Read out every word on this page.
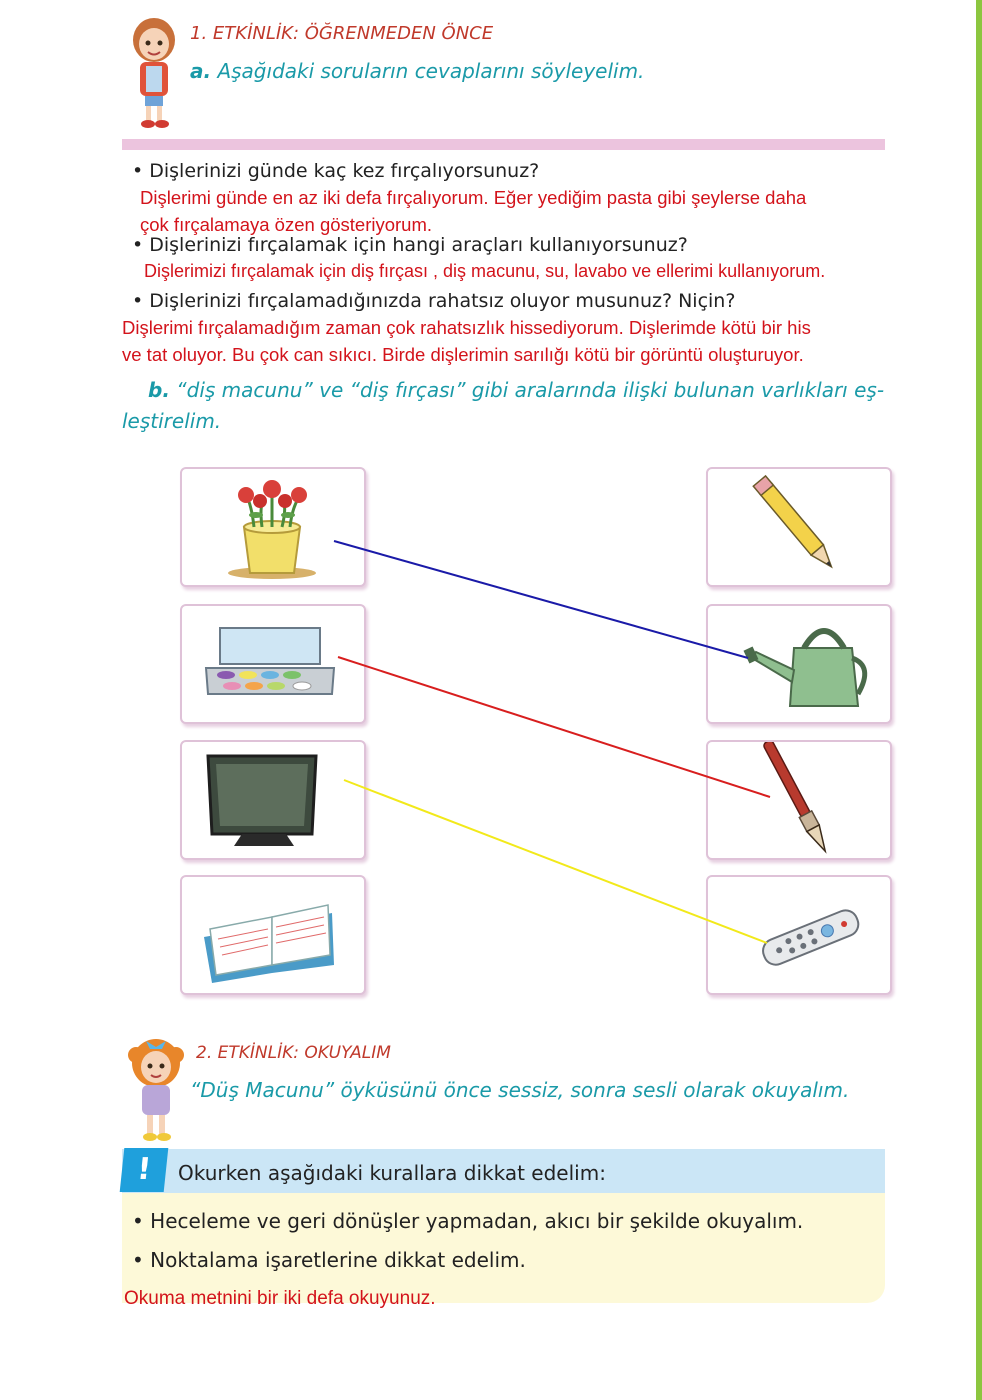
1. ETKİNLİK: ÖĞRENMEDEN ÖNCE
a. Aşağıdaki soruların cevaplarını söyleyelim.
• Dişlerinizi günde kaç kez fırçalıyorsunuz?
Dişlerimi günde en az iki defa fırçalıyorum. Eğer yediğim pasta gibi şeylerse daha
çok fırçalamaya özen gösteriyorum.
• Dişlerinizi fırçalamak için hangi araçları kullanıyorsunuz?
Dişlerimizi fırçalamak için diş fırçası , diş macunu, su, lavabo ve ellerimi kullanıyorum.
• Dişlerinizi fırçalamadığınızda rahatsız oluyor musunuz? Niçin?
Dişlerimi fırçalamadığım zaman çok rahatsızlık hissediyorum. Dişlerimde kötü bir his
ve tat oluyor. Bu çok can sıkıcı. Birde dişlerimin sarılığı kötü bir görüntü oluşturuyor.
b. “diş macunu” ve “diş fırçası” gibi aralarında ilişki bulunan varlıkları eş-
leştirelim.
2. ETKİNLİK: OKUYALIM
“Düş Macunu” öyküsünü önce sessiz, sonra sesli olarak okuyalım.
!	Okurken aşağıdaki kurallara dikkat edelim:
• Heceleme ve geri dönüşler yapmadan, akıcı bir şekilde okuyalım.
• Noktalama işaretlerine dikkat edelim.
Okuma metnini bir iki defa okuyunuz.
